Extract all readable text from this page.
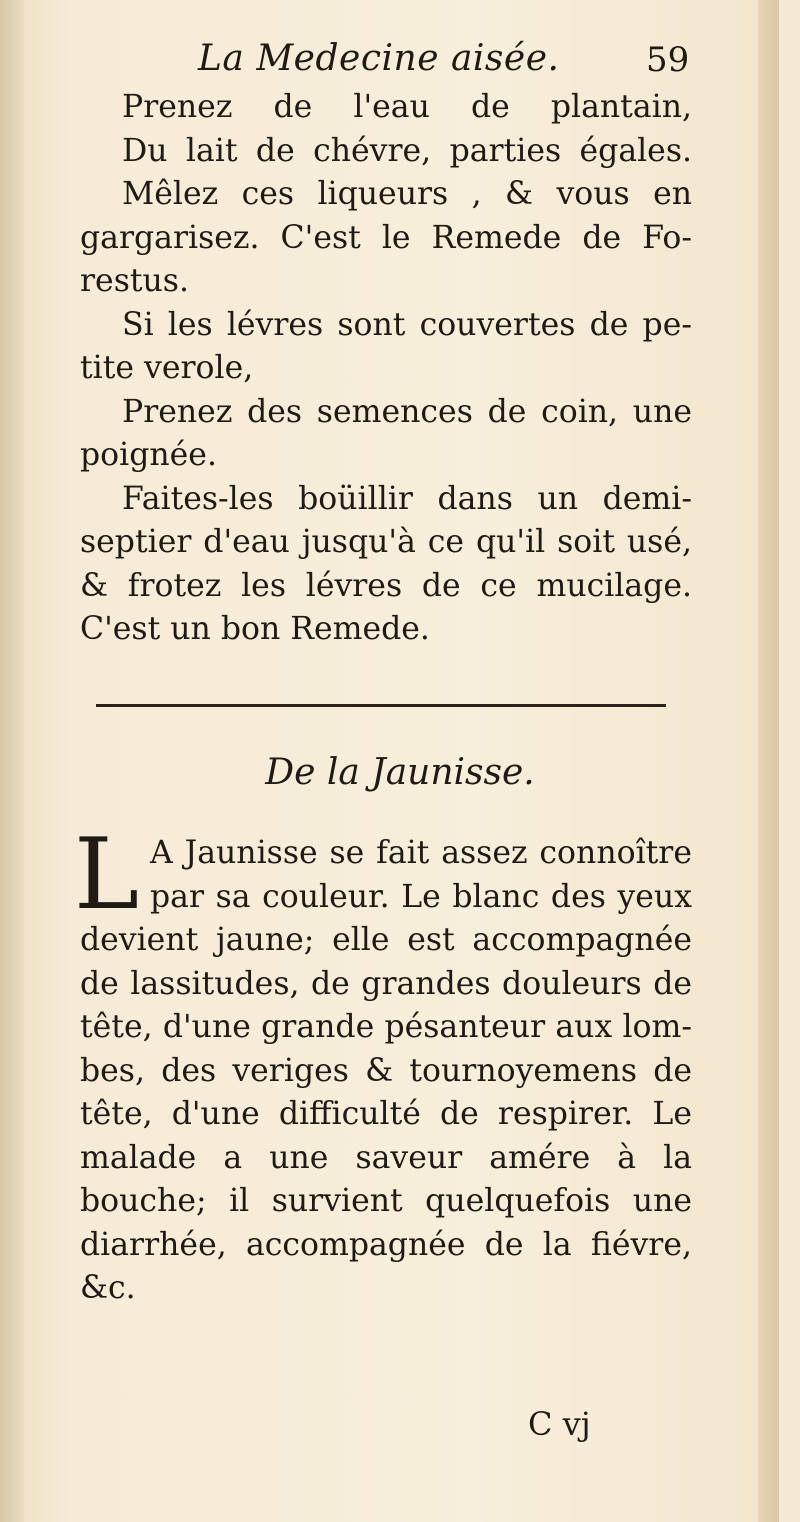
La Medecine aisée.	59
Prenez de l'eau de plantain,
Du lait de chévre, parties égales.
Mêlez ces liqueurs , & vous en
gargarisez. C'est le Remede de Fo-
restus.
Si les lévres sont couvertes de pe-
tite verole,
Prenez des semences de coin, une
poignée.
Faites-les boüillir dans un demi-
septier d'eau jusqu'à ce qu'il soit usé,
& frotez les lévres de ce mucilage.
C'est un bon Remede.
De la Jaunisse.
L A Jaunisse se fait assez connoître
par sa couleur. Le blanc des yeux
devient jaune; elle est accompagnée
de lassitudes, de grandes douleurs de
tête, d'une grande pésanteur aux lom-
bes, des veriges & tournoyemens de
tête, d'une difficulté de respirer. Le
malade a une saveur amére à la
bouche; il survient quelquefois une
diarrhée, accompagnée de la fiévre,
&c.
C vj
